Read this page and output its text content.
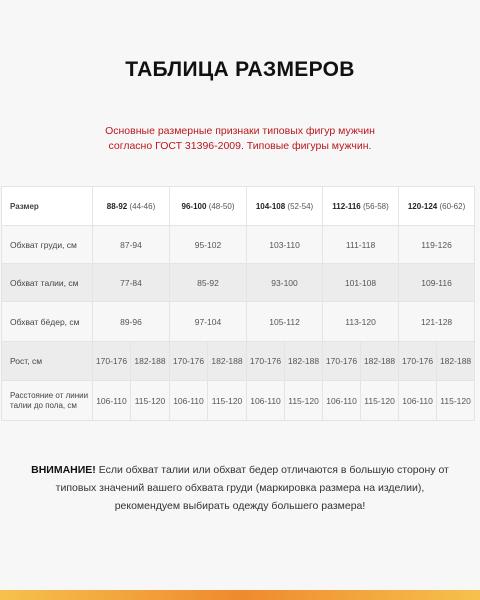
ТАБЛИЦА РАЗМЕРОВ
Основные размерные признаки типовых фигур мужчин
согласно ГОСТ 31396-2009. Типовые фигуры мужчин.
Размер	88-92 (44-46)		96-100 (48-50)		104-108 (52-54)		112-116 (56-58)		120-124 (60-62)	
Обхват груди, см	87-94		95-102		103-110		111-118		119-126	
Обхват талии, см	77-84		85-92		93-100		101-108		109-116	
Обхват бёдер, см	89-96		97-104		105-112		113-120		121-128	
Рост, см	170-176	182-188	170-176	182-188	170-176	182-188	170-176	182-188	170-176	182-188
Расстояние от линии талии до пола, см	106-110	115-120	106-110	115-120	106-110	115-120	106-110	115-120	106-110	115-120
ВНИМАНИЕ! Если обхват талии или обхват бедер отличаются в большую сторону от
типовых значений вашего обхвата груди (маркировка размера на изделии),
рекомендуем выбирать одежду большего размера!
